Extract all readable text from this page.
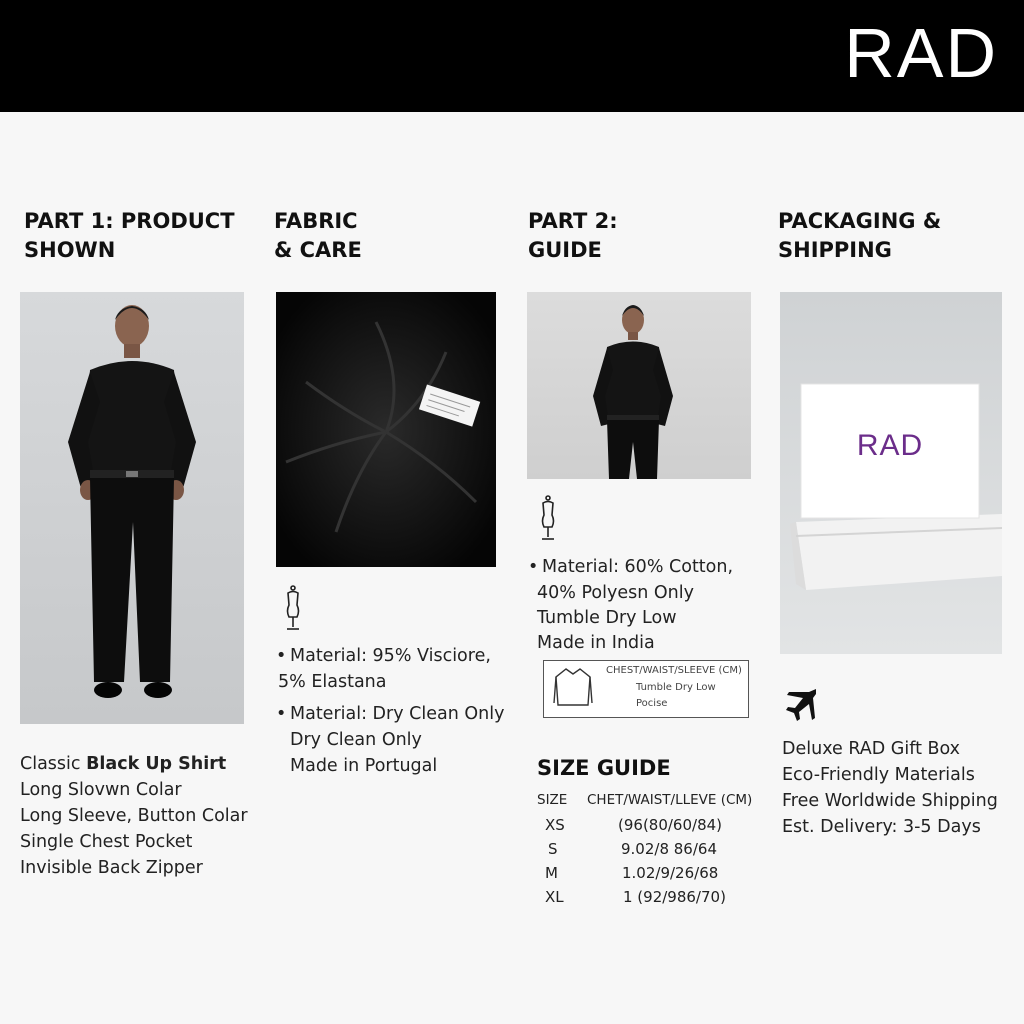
RAD
PART 1: PRODUCT
SHOWN
Classic Black Up Shirt
Long Slovwn Colar
Long Sleeve, Button Colar
Single Chest Pocket
Invisible Back Zipper
FABRIC
& CARE
• Material: 95% Visciore,
5% Elastana
• Material: Dry Clean Only
Dry Clean Only
Made in Portugal
PART 2:
GUIDE
• Material: 60% Cotton,
40% Polyesn Only
Tumble Dry Low
Made in India
CHEST/WAIST/SLEEVE (CM)
Tumble Dry Low
Pocise
SIZE GUIDE
SIZE CHET/WAIST/LLEVE (CM)
XS	(96(80/60/84)
S	9.02/8 86/64
M	1.02/9/26/68
XL	1 (92/986/70)
PACKAGING &
SHIPPING
RAD
Deluxe RAD Gift Box
Eco-Friendly Materials
Free Worldwide Shipping
Est. Delivery: 3-5 Days
